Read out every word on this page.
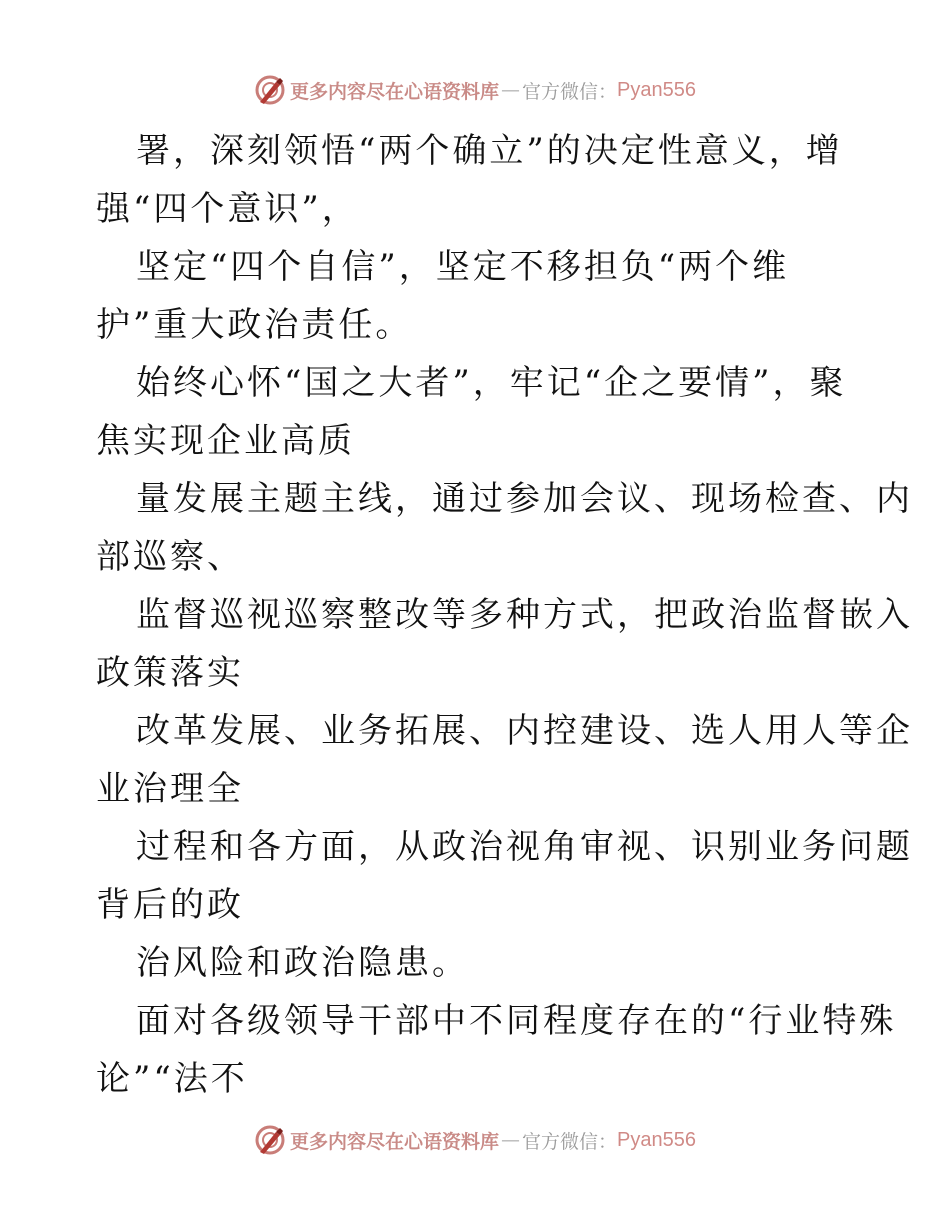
更多内容尽在心语资料库 — 官方微信： Pyan556
署，深刻领悟“两个确立”的决定性意义，增
强“四个意识”，
坚定“四个自信”，坚定不移担负“两个维
护”重大政治责任。
始终心怀“国之大者”，牢记“企之要情”，聚
焦实现企业高质
量发展主题主线，通过参加会议、现场检查、内
部巡察、
监督巡视巡察整改等多种方式，把政治监督嵌入
政策落实
改革发展、业务拓展、内控建设、选人用人等企
业治理全
过程和各方面，从政治视角审视、识别业务问题
背后的政
治风险和政治隐患。
面对各级领导干部中不同程度存在的“行业特殊
论”“法不
更多内容尽在心语资料库 — 官方微信： Pyan556
